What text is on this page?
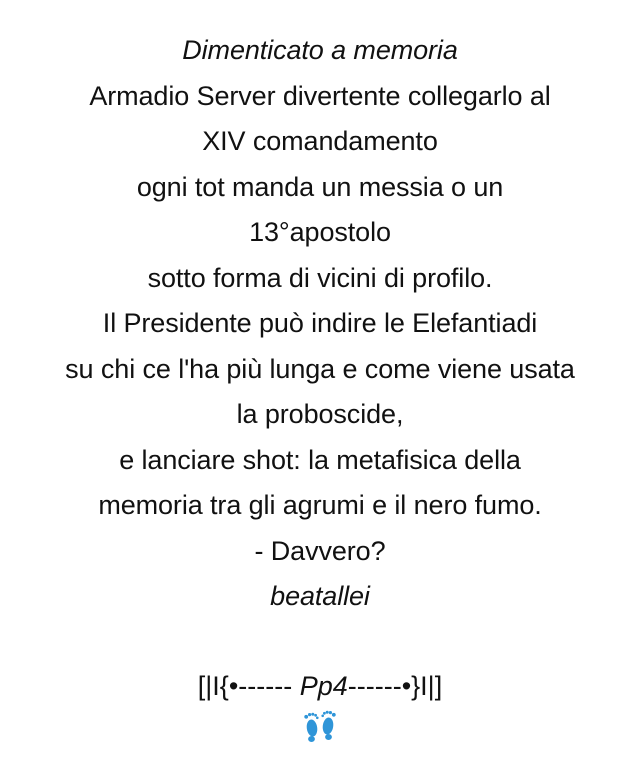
Dimenticato a memoria
Armadio Server divertente collegarlo al
XIV comandamento
ogni tot manda un messia o un
13°apostolo
sotto forma di vicini di profilo.
Il Presidente può indire le Elefantiadi
su chi ce l'ha più lunga e come viene usata
la proboscide,
e lanciare shot: la metafisica della
memoria tra gli agrumi e il nero fumo.
- Davvero?
beatallei
[|I{•------ Pp4------•}I|]
